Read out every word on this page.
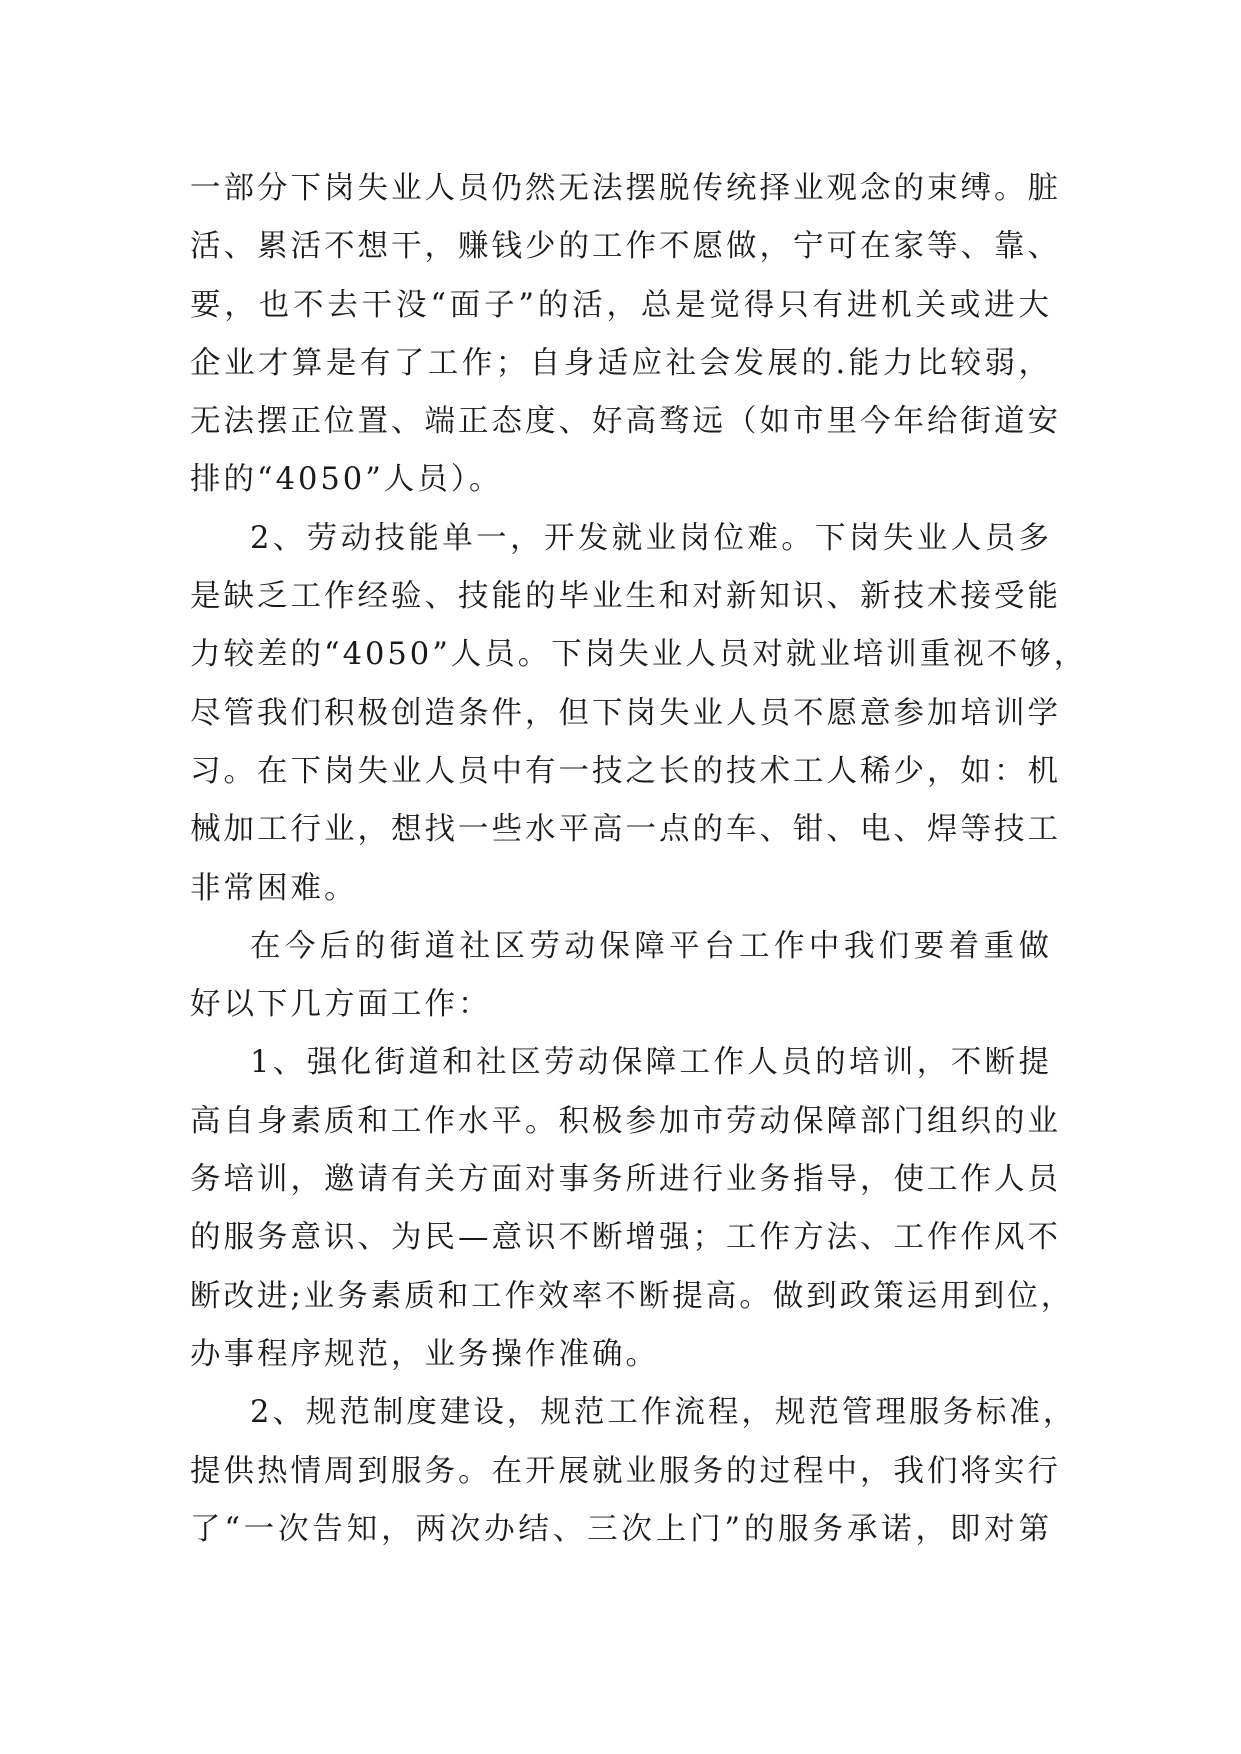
一部分下岗失业人员仍然无法摆脱传统择业观念的束缚。脏
活、累活不想干，赚钱少的工作不愿做，宁可在家等、靠、
要，也不去干没“面子”的活，总是觉得只有进机关或进大
企业才算是有了工作；自身适应社会发展的.能力比较弱，
无法摆正位置、端正态度、好高骛远（如市里今年给街道安
排的“4050”人员）。
2、劳动技能单一，开发就业岗位难。下岗失业人员多
是缺乏工作经验、技能的毕业生和对新知识、新技术接受能
力较差的“4050”人员。下岗失业人员对就业培训重视不够，
尽管我们积极创造条件，但下岗失业人员不愿意参加培训学
习。在下岗失业人员中有一技之长的技术工人稀少，如：机
械加工行业，想找一些水平高一点的车、钳、电、焊等技工
非常困难。
在今后的街道社区劳动保障平台工作中我们要着重做
好以下几方面工作：
1、强化街道和社区劳动保障工作人员的培训，不断提
高自身素质和工作水平。积极参加市劳动保障部门组织的业
务培训，邀请有关方面对事务所进行业务指导，使工作人员
的服务意识、为民—意识不断增强；工作方法、工作作风不
断改进;业务素质和工作效率不断提高。做到政策运用到位，
办事程序规范，业务操作准确。
2、规范制度建设，规范工作流程，规范管理服务标准，
提供热情周到服务。在开展就业服务的过程中，我们将实行
了“一次告知，两次办结、三次上门”的服务承诺，即对第
